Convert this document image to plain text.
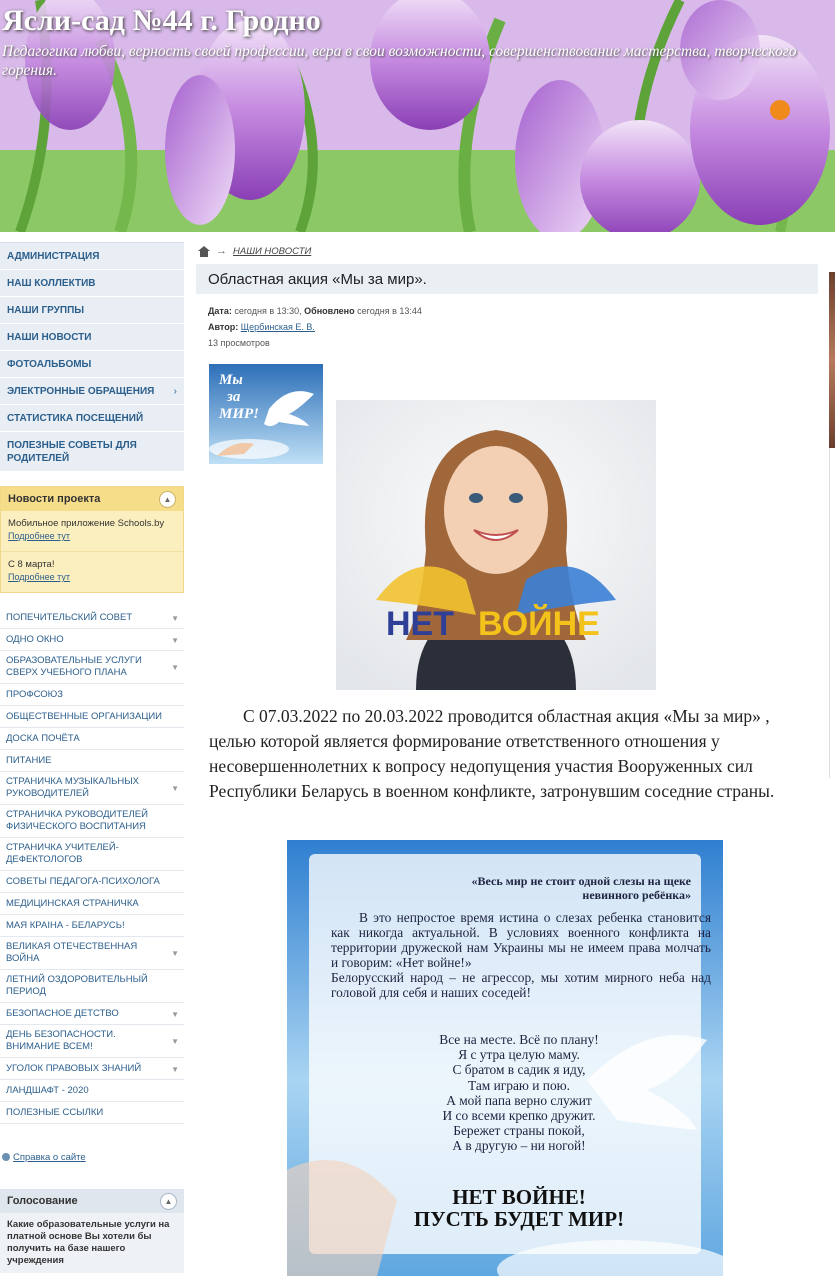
Ясли-сад №44 г. Гродно
Педагогика любви, верность своей профессии, вера в свои возможности, совершенствование мастерства, творческого горения.
АДМИНИСТРАЦИЯ
НАШ КОЛЛЕКТИВ
НАШИ ГРУППЫ
НАШИ НОВОСТИ
ФОТОАЛЬБОМЫ
ЭЛЕКТРОННЫЕ ОБРАЩЕНИЯ ›
СТАТИСТИКА ПОСЕЩЕНИЙ
ПОЛЕЗНЫЕ СОВЕТЫ ДЛЯ РОДИТЕЛЕЙ
Новости проекта	▲
Мобильное приложение Schools.by
Подробнее тут
С 8 марта!
Подробнее тут
ПОПЕЧИТЕЛЬСКИЙ СОВЕТ	▼
ОДНО ОКНО	▼
ОБРАЗОВАТЕЛЬНЫЕ УСЛУГИ СВЕРХ УЧЕБНОГО ПЛАНА	▼
ПРОФСОЮЗ
ОБЩЕСТВЕННЫЕ ОРГАНИЗАЦИИ
ДОСКА ПОЧЁТА
ПИТАНИЕ
СТРАНИЧКА МУЗЫКАЛЬНЫХ РУКОВОДИТЕЛЕЙ	▼
СТРАНИЧКА РУКОВОДИТЕЛЕЙ ФИЗИЧЕСКОГО ВОСПИТАНИЯ
СТРАНИЧКА УЧИТЕЛЕЙ-ДЕФЕКТОЛОГОВ
СОВЕТЫ ПЕДАГОГА-ПСИХОЛОГА
МЕДИЦИНСКАЯ СТРАНИЧКА
МАЯ КРАІНА - БЕЛАРУСЬ!
ВЕЛИКАЯ ОТЕЧЕСТВЕННАЯ ВОЙНА	▼
ЛЕТНИЙ ОЗДОРОВИТЕЛЬНЫЙ ПЕРИОД
БЕЗОПАСНОЕ ДЕТСТВО	▼
ДЕНЬ БЕЗОПАСНОСТИ. ВНИМАНИЕ ВСЕМ!	▼
УГОЛОК ПРАВОВЫХ ЗНАНИЙ	▼
ЛАНДШАФТ - 2020
ПОЛЕЗНЫЕ ССЫЛКИ
Справка о сайте
Голосование	▲
Какие образовательные услуги на платной основе Вы хотели бы получить на базе нашего учреждения
→ НАШИ НОВОСТИ
Областная акция «Мы за мир».
Дата: сегодня в 13:30, Обновлено сегодня в 13:44
Автор: Щербинская Е. В.
13 просмотров
Мы
за
МИР!
НЕТ ВОЙНЕ
С 07.03.2022 по 20.03.2022 проводится областная акция «Мы за мир» , целью которой является формирование ответственного отношения у несовершеннолетних к вопросу недопущения участия Вооруженных сил Республики Беларусь в военном конфликте, затронувшим соседние страны.
«Весь мир не стоит одной слезы на щеке невинного ребёнка»
В это непростое время истина о слезах ребенка становится как никогда актуальной. В условиях военного конфликта на территории дружеской нам Украины мы не имеем права молчать и говорим: «Нет войне!»
Белорусский народ – не агрессор, мы хотим мирного неба над головой для себя и наших соседей!
Все на месте. Всё по плану!
Я с утра целую маму.
С братом в садик я иду,
Там играю и пою.
А мой папа верно служит
И со всеми крепко дружит.
Бережет страны покой,
А в другую – ни ногой!
НЕТ ВОЙНЕ!
ПУСТЬ БУДЕТ МИР!
